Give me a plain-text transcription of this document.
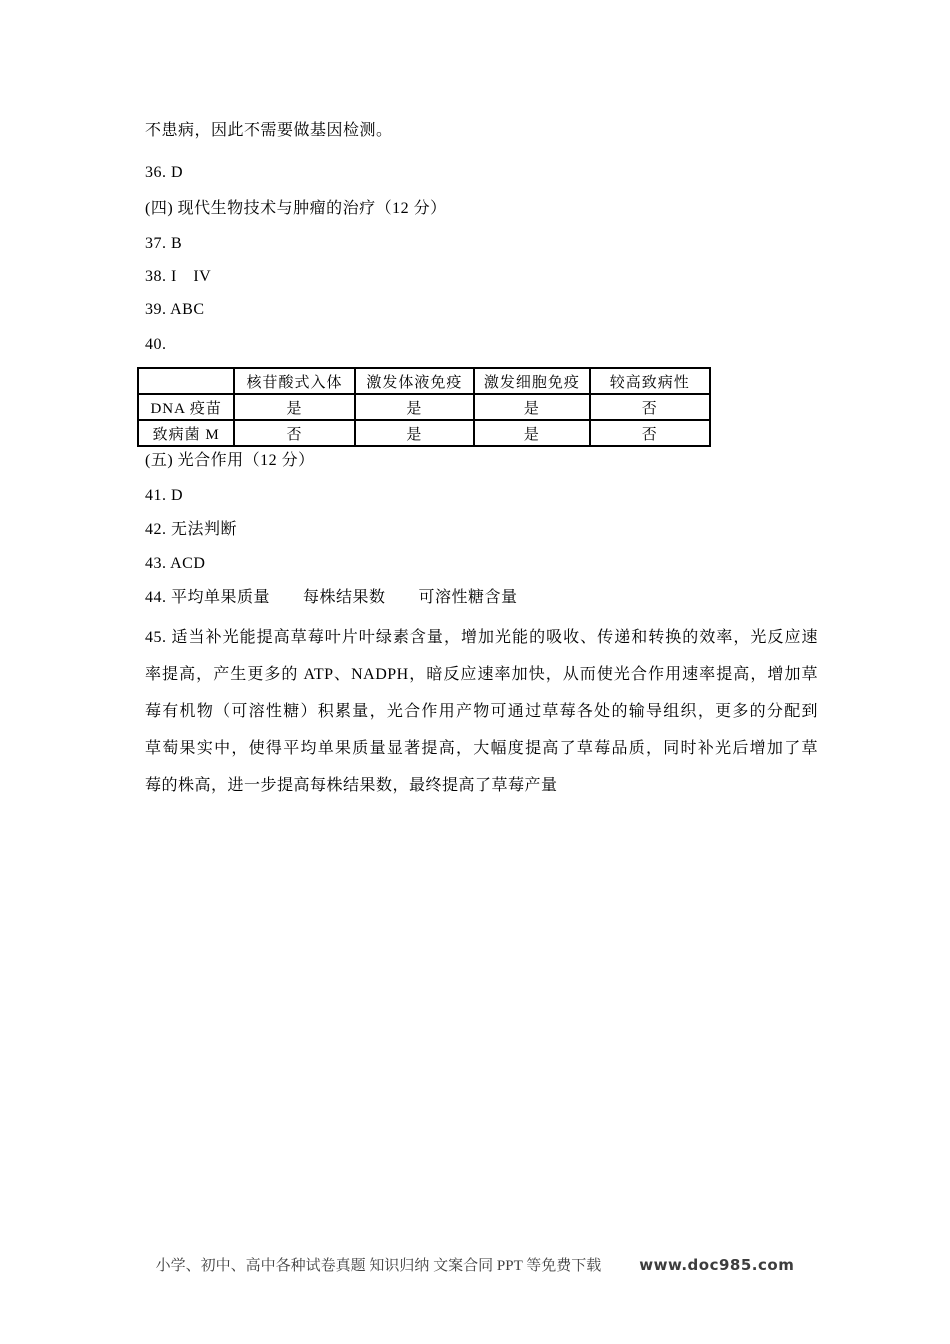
不患病，因此不需要做基因检测。
36. D
(四) 现代生物技术与肿瘤的治疗（12 分）
37. B
38. I　IV
39. ABC
40.
	核苷酸式入体	激发体液免疫	激发细胞免疫	较高致病性
DNA 疫苗	是	是	是	否
致病菌 M	否	是	是	否
(五) 光合作用（12 分）
41. D
42. 无法判断
43. ACD
44. 平均单果质量　　每株结果数　　可溶性糖含量
45. 适当补光能提高草莓叶片叶绿素含量，增加光能的吸收、传递和转换的效率，光反应速
率提高，产生更多的 ATP、NADPH，暗反应速率加快，从而使光合作用速率提高，增加草
莓有机物（可溶性糖）积累量，光合作用产物可通过草莓各处的输导组织，更多的分配到
草萄果实中，使得平均单果质量显著提高，大幅度提高了草莓品质，同时补光后增加了草
莓的株高，进一步提高每株结果数，最终提高了草莓产量
小学、初中、高中各种试卷真题 知识归纳 文案合同 PPT 等免费下载	www.doc985.com
